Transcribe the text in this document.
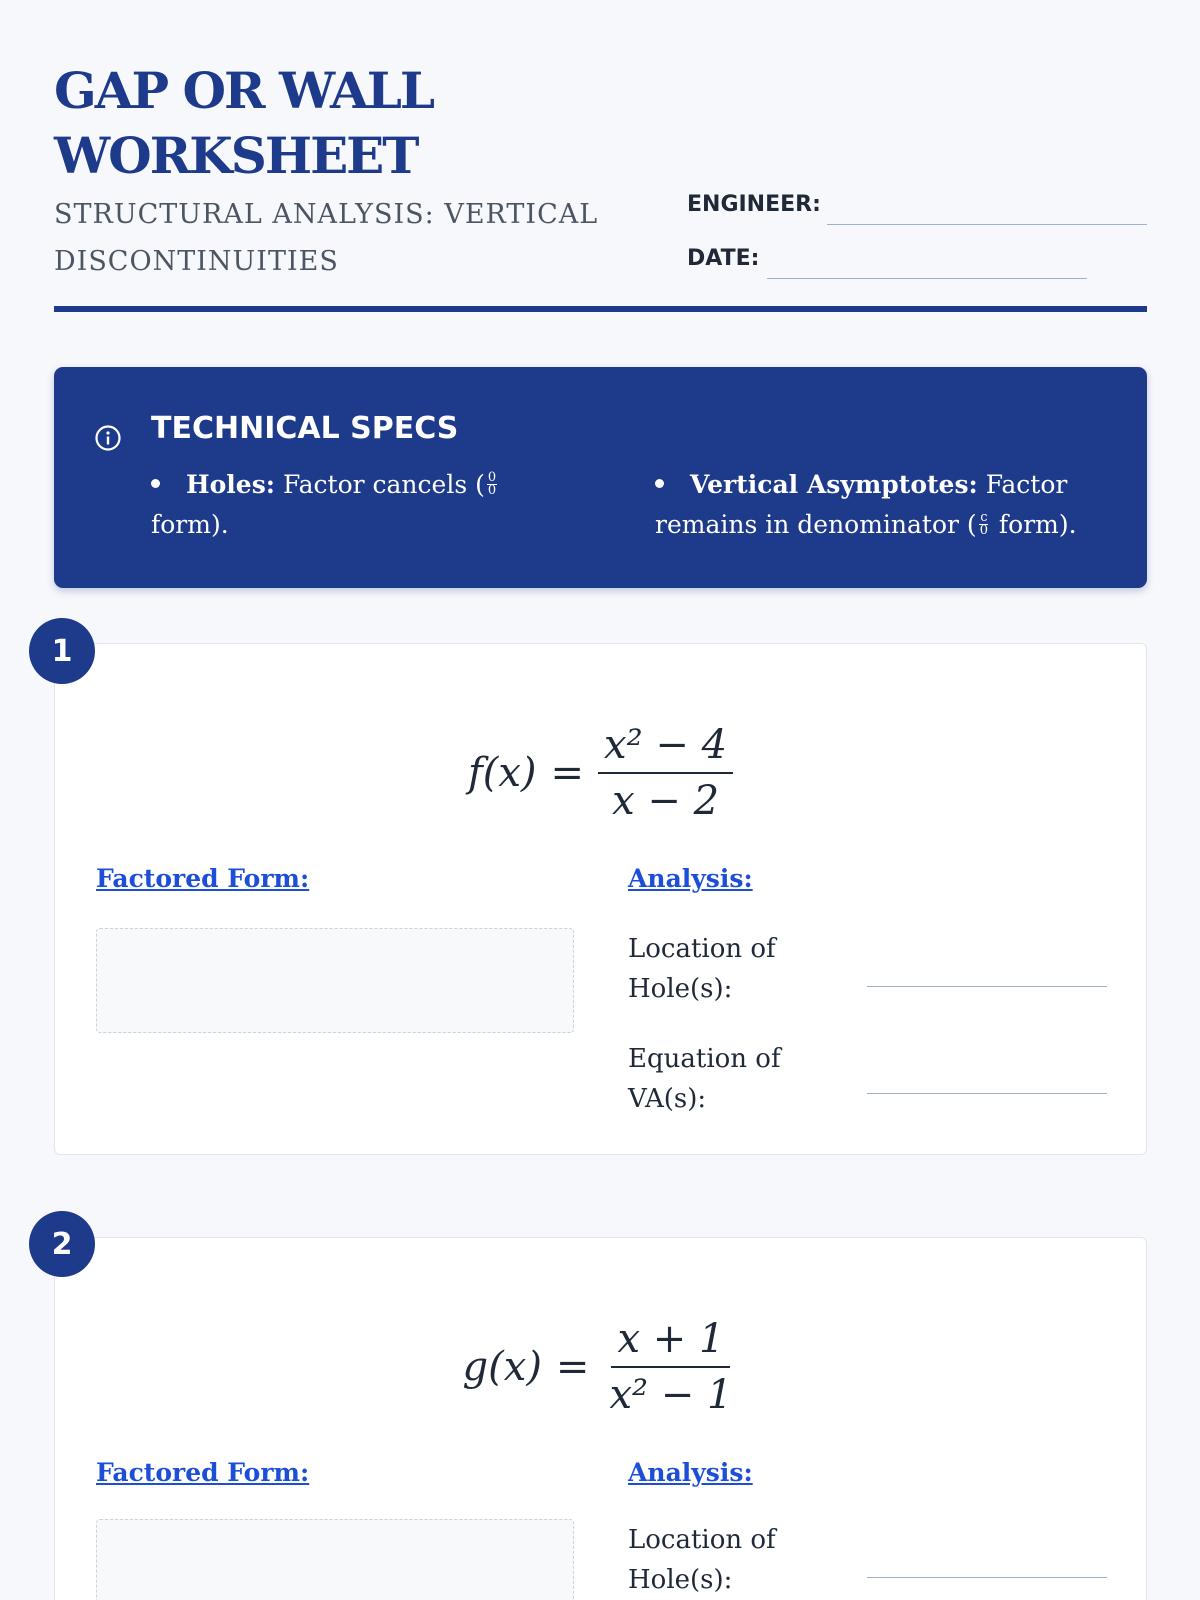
GAP OR WALL
WORKSHEET
STRUCTURAL ANALYSIS: VERTICAL DISCONTINUITIES
ENGINEER:
DATE:
TECHNICAL SPECS
Holes: Factor cancels ( $\frac{0}{0}$
form).
Vertical Asymptotes: Factor remains in denominator ( $\frac{c}{0}$ form).
$f(x) = \frac{\text{x² − 4}}{x - 2}$
Factored Form:	Analysis:
Location of Hole(s):
Equation of VA(s):
1
$g(x) = \frac{x + 1}{\text{x² − 1}}$
Factored Form:	Analysis:
Location of Hole(s):
2
